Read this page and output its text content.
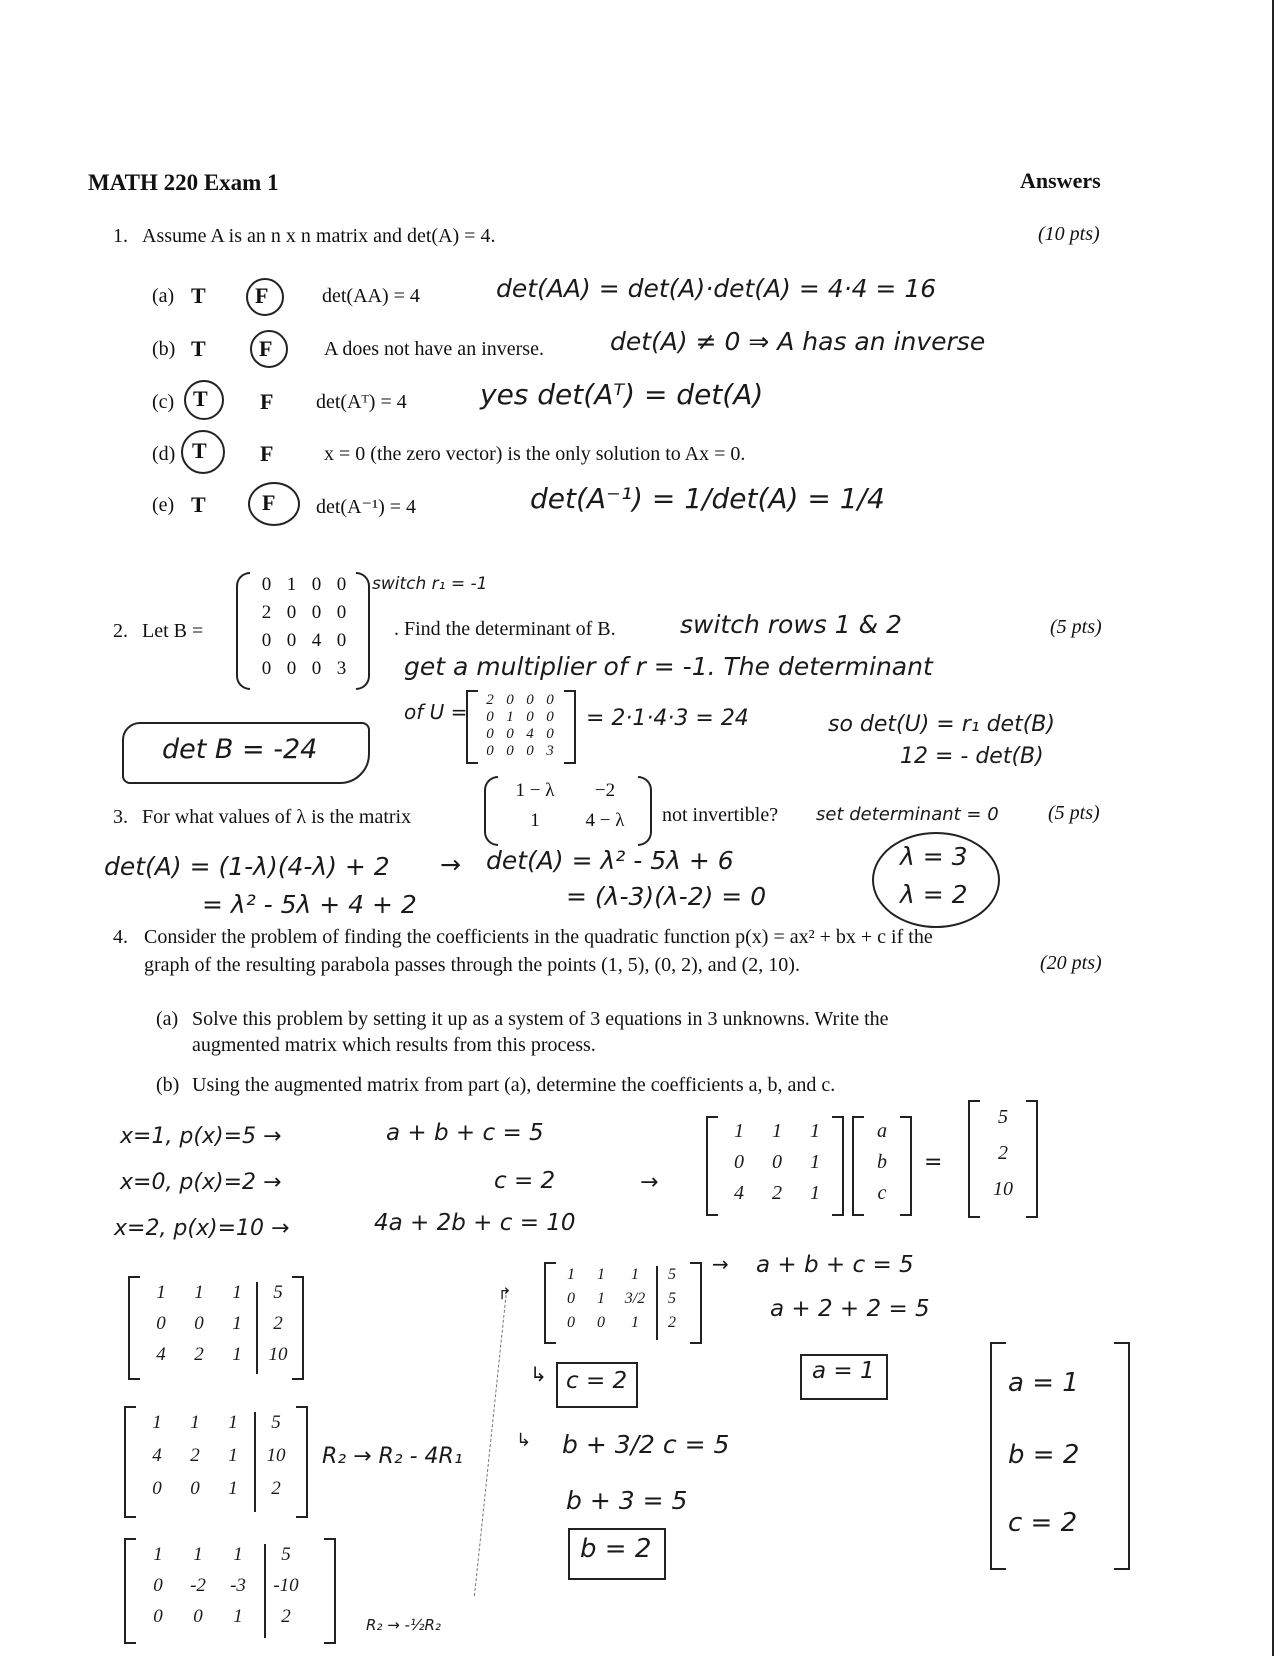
MATH 220 Exam 1	Answers
1. Assume A is an n x n matrix and det(A) = 4.	(10 pts)
(a) T F	det(AA) = 4	det(AA) = det(A)·det(A) = 4·4 = 16
(b) T F	A does not have an inverse.	det(A) ≠ 0 ⇒ A has an inverse
(c) T F det(Aᵀ) = 4	yes det(Aᵀ) = det(A)
(d) T F	x = 0 (the zero vector) is the only solution to Ax = 0.
(e) T	F det(A⁻¹) = 4	det(A⁻¹) = 1/det(A) = 1/4
2. Let B =
0 1 0 0
2 0 0 0
0 0 4 0
0 0 0 3
switch r₁ = -1
. Find the determinant of B.	(5 pts)
switch rows 1 & 2
get a multiplier of r = -1. The determinant
of U =	2 0 0 0
0 1 0 0
0 0 4 0
0 0 0 3
= 2·1·4·3 = 24	so det(U) = r₁ det(B)
12 = - det(B)
det B = -24
3. For what values of λ is the matrix
1 − λ	−2
1	4 − λ	not invertible? set determinant = 0 (5 pts)
det(A) = (1-λ)(4-λ) + 2
= λ² - 5λ + 4 + 2
→ det(A) = λ² - 5λ + 6
= (λ-3)(λ-2) = 0
λ = 3
λ = 2
4. Consider the problem of finding the coefficients in the quadratic function p(x) = ax² + bx + c if the
graph of the resulting parabola passes through the points (1, 5), (0, 2), and (2, 10).	(20 pts)
(a) Solve this problem by setting it up as a system of 3 equations in 3 unknowns. Write the
augmented matrix which results from this process.
(b) Using the augmented matrix from part (a), determine the coefficients a, b, and c.
x=1, p(x)=5 →
x=0, p(x)=2 →
x=2, p(x)=10 →
a + b + c = 5
c = 2
4a + 2b + c = 10
→
1	1	1
0	0	1
4	2	1
a
b
c
=
5
2
10
1	1	1	5
0	0	1	2
4	2	1	10
1	1	1	5
4	2	1	10
0	0	1	2
R₂ → R₂ - 4R₁
1	1	1	5
0	-2	-3	-10
0	0	1	2	R₂ → -½R₂
↱
1	1	1	5
0	1	3/2	5
0	0	1	2
→ a + b + c = 5
a + 2 + 2 = 5
↳ c = 2	a = 1
↳ b + 3/2 c = 5
b + 3 = 5
b = 2
a = 1
b = 2
c = 2
